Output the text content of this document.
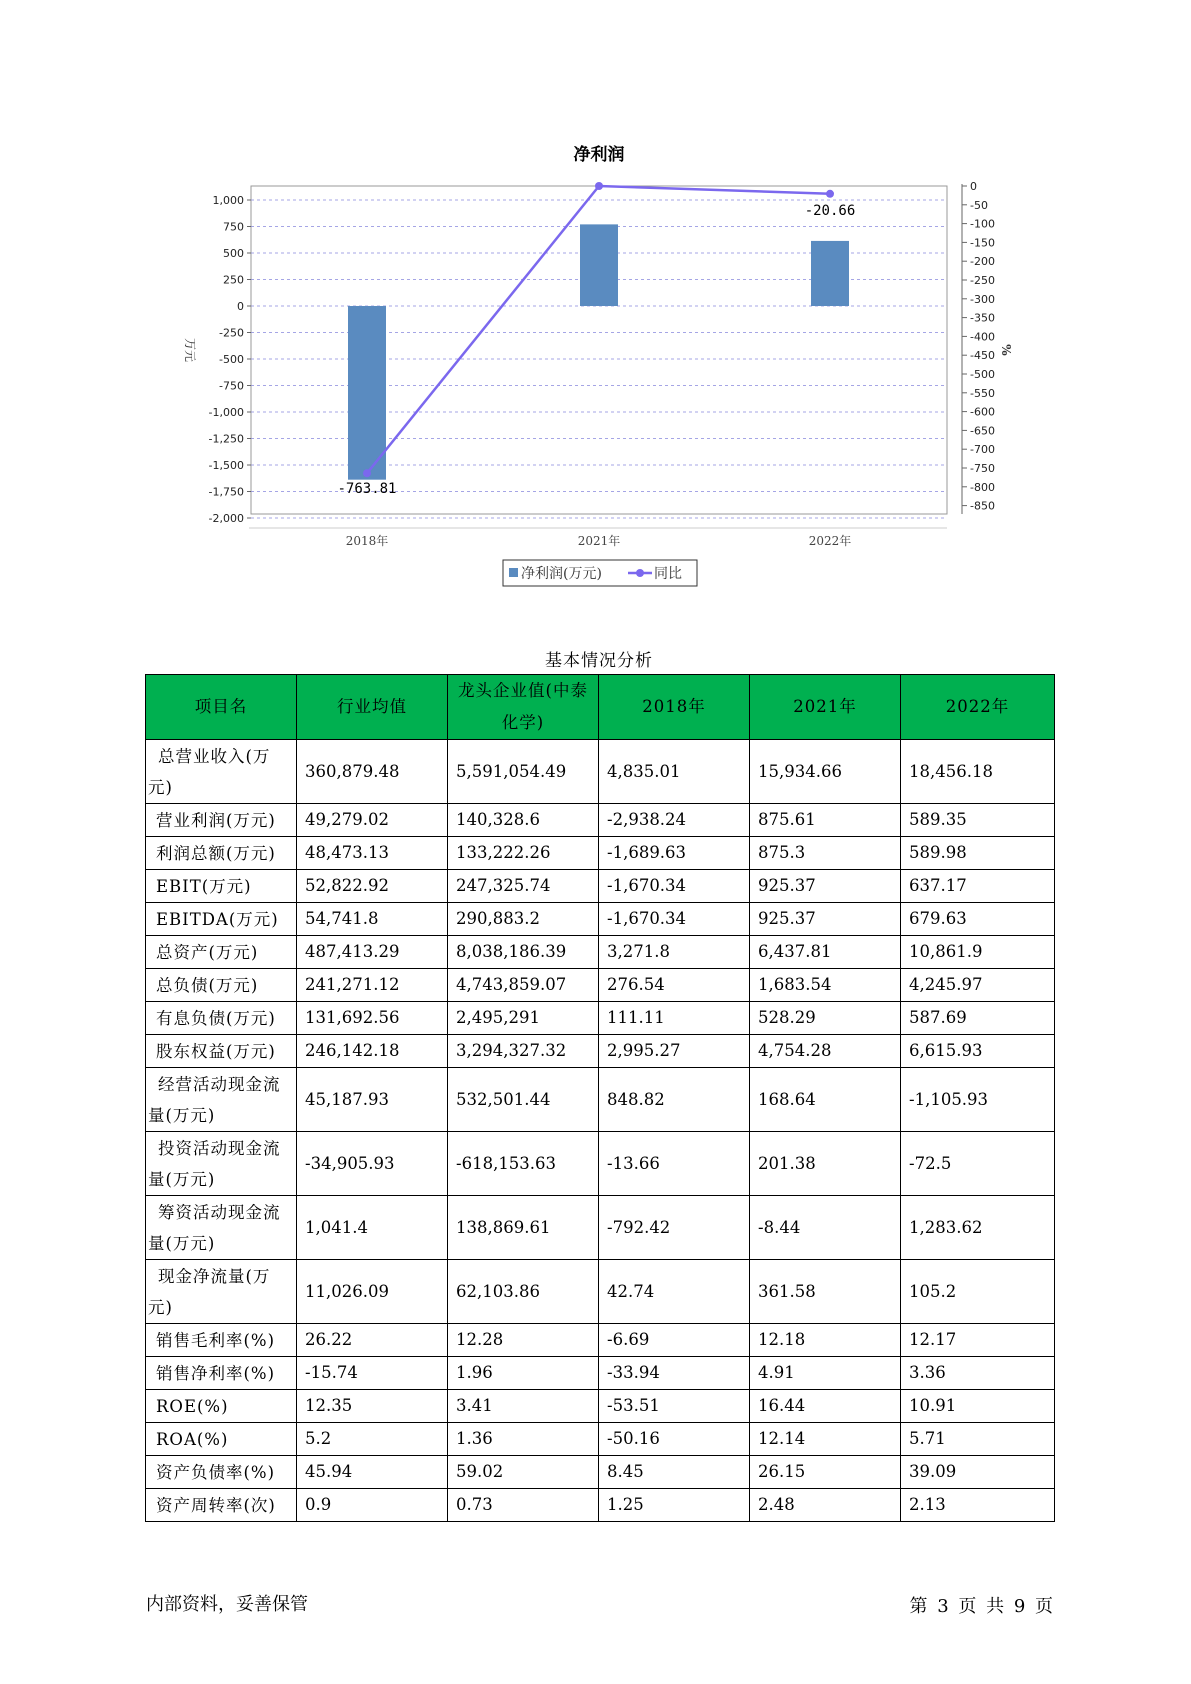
净利润
1,000
750
500
250
0
-250
-500
-750
-1,000
-1,250
-1,500
-1,750
-2,000
0
-50
-100
-150
-200
-250
-300
-350
-400
-450
-500
-550
-600
-650
-700
-750
-800
-850
万元	%
2018年	2021年	2022年
-763.81
-20.66
净利润(万元)	同比
基本情况分析
项目名	行业均值	龙头企业值(中泰化学)	2018年	2021年	2022年
总营业收入(万元)	360,879.48	5,591,054.49	4,835.01	15,934.66	18,456.18
营业利润(万元)	49,279.02	140,328.6	-2,938.24	875.61	589.35
利润总额(万元)	48,473.13	133,222.26	-1,689.63	875.3	589.98
EBIT(万元)	52,822.92	247,325.74	-1,670.34	925.37	637.17
EBITDA(万元)	54,741.8	290,883.2	-1,670.34	925.37	679.63
总资产(万元)	487,413.29	8,038,186.39	3,271.8	6,437.81	10,861.9
总负债(万元)	241,271.12	4,743,859.07	276.54	1,683.54	4,245.97
有息负债(万元)	131,692.56	2,495,291	111.11	528.29	587.69
股东权益(万元)	246,142.18	3,294,327.32	2,995.27	4,754.28	6,615.93
经营活动现金流量(万元)	45,187.93	532,501.44	848.82	168.64	-1,105.93
投资活动现金流量(万元)	-34,905.93	-618,153.63	-13.66	201.38	-72.5
筹资活动现金流量(万元)	1,041.4	138,869.61	-792.42	-8.44	1,283.62
现金净流量(万元)	11,026.09	62,103.86	42.74	361.58	105.2
销售毛利率(%)	26.22	12.28	-6.69	12.18	12.17
销售净利率(%)	-15.74	1.96	-33.94	4.91	3.36
ROE(%)	12.35	3.41	-53.51	16.44	10.91
ROA(%)	5.2	1.36	-50.16	12.14	5.71
资产负债率(%)	45.94	59.02	8.45	26.15	39.09
资产周转率(次)	0.9	0.73	1.25	2.48	2.13
内部资料，妥善保管	第 3 页 共 9 页
